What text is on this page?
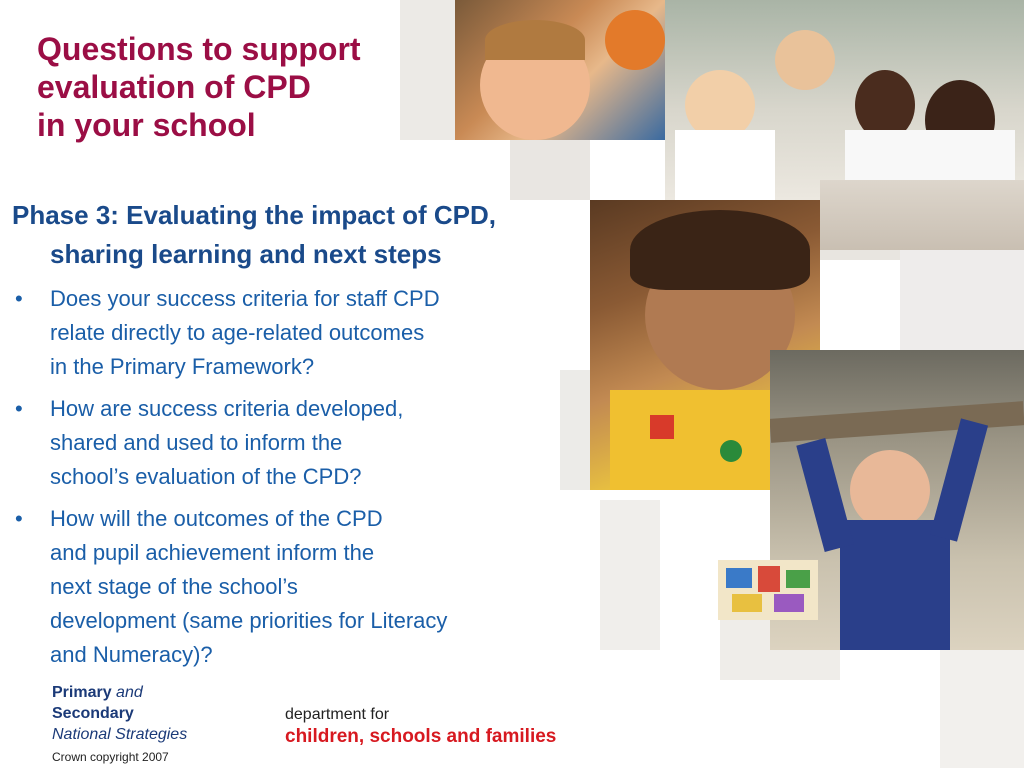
Questions to support
evaluation of CPD
in your school
Phase 3: Evaluating the impact of CPD,
sharing learning and next steps
• Does your success criteria for staff CPD
relate directly to age-related outcomes
in the Primary Framework?
• How are success criteria developed,
shared and used to inform the
school’s evaluation of the CPD?
• How will the outcomes of the CPD
and pupil achievement inform the
next stage of the school’s
development (same priorities for Literacy
and Numeracy)?
Primary and
Secondary
National Strategies
Crown copyright 2007
department for
children, schools and families
